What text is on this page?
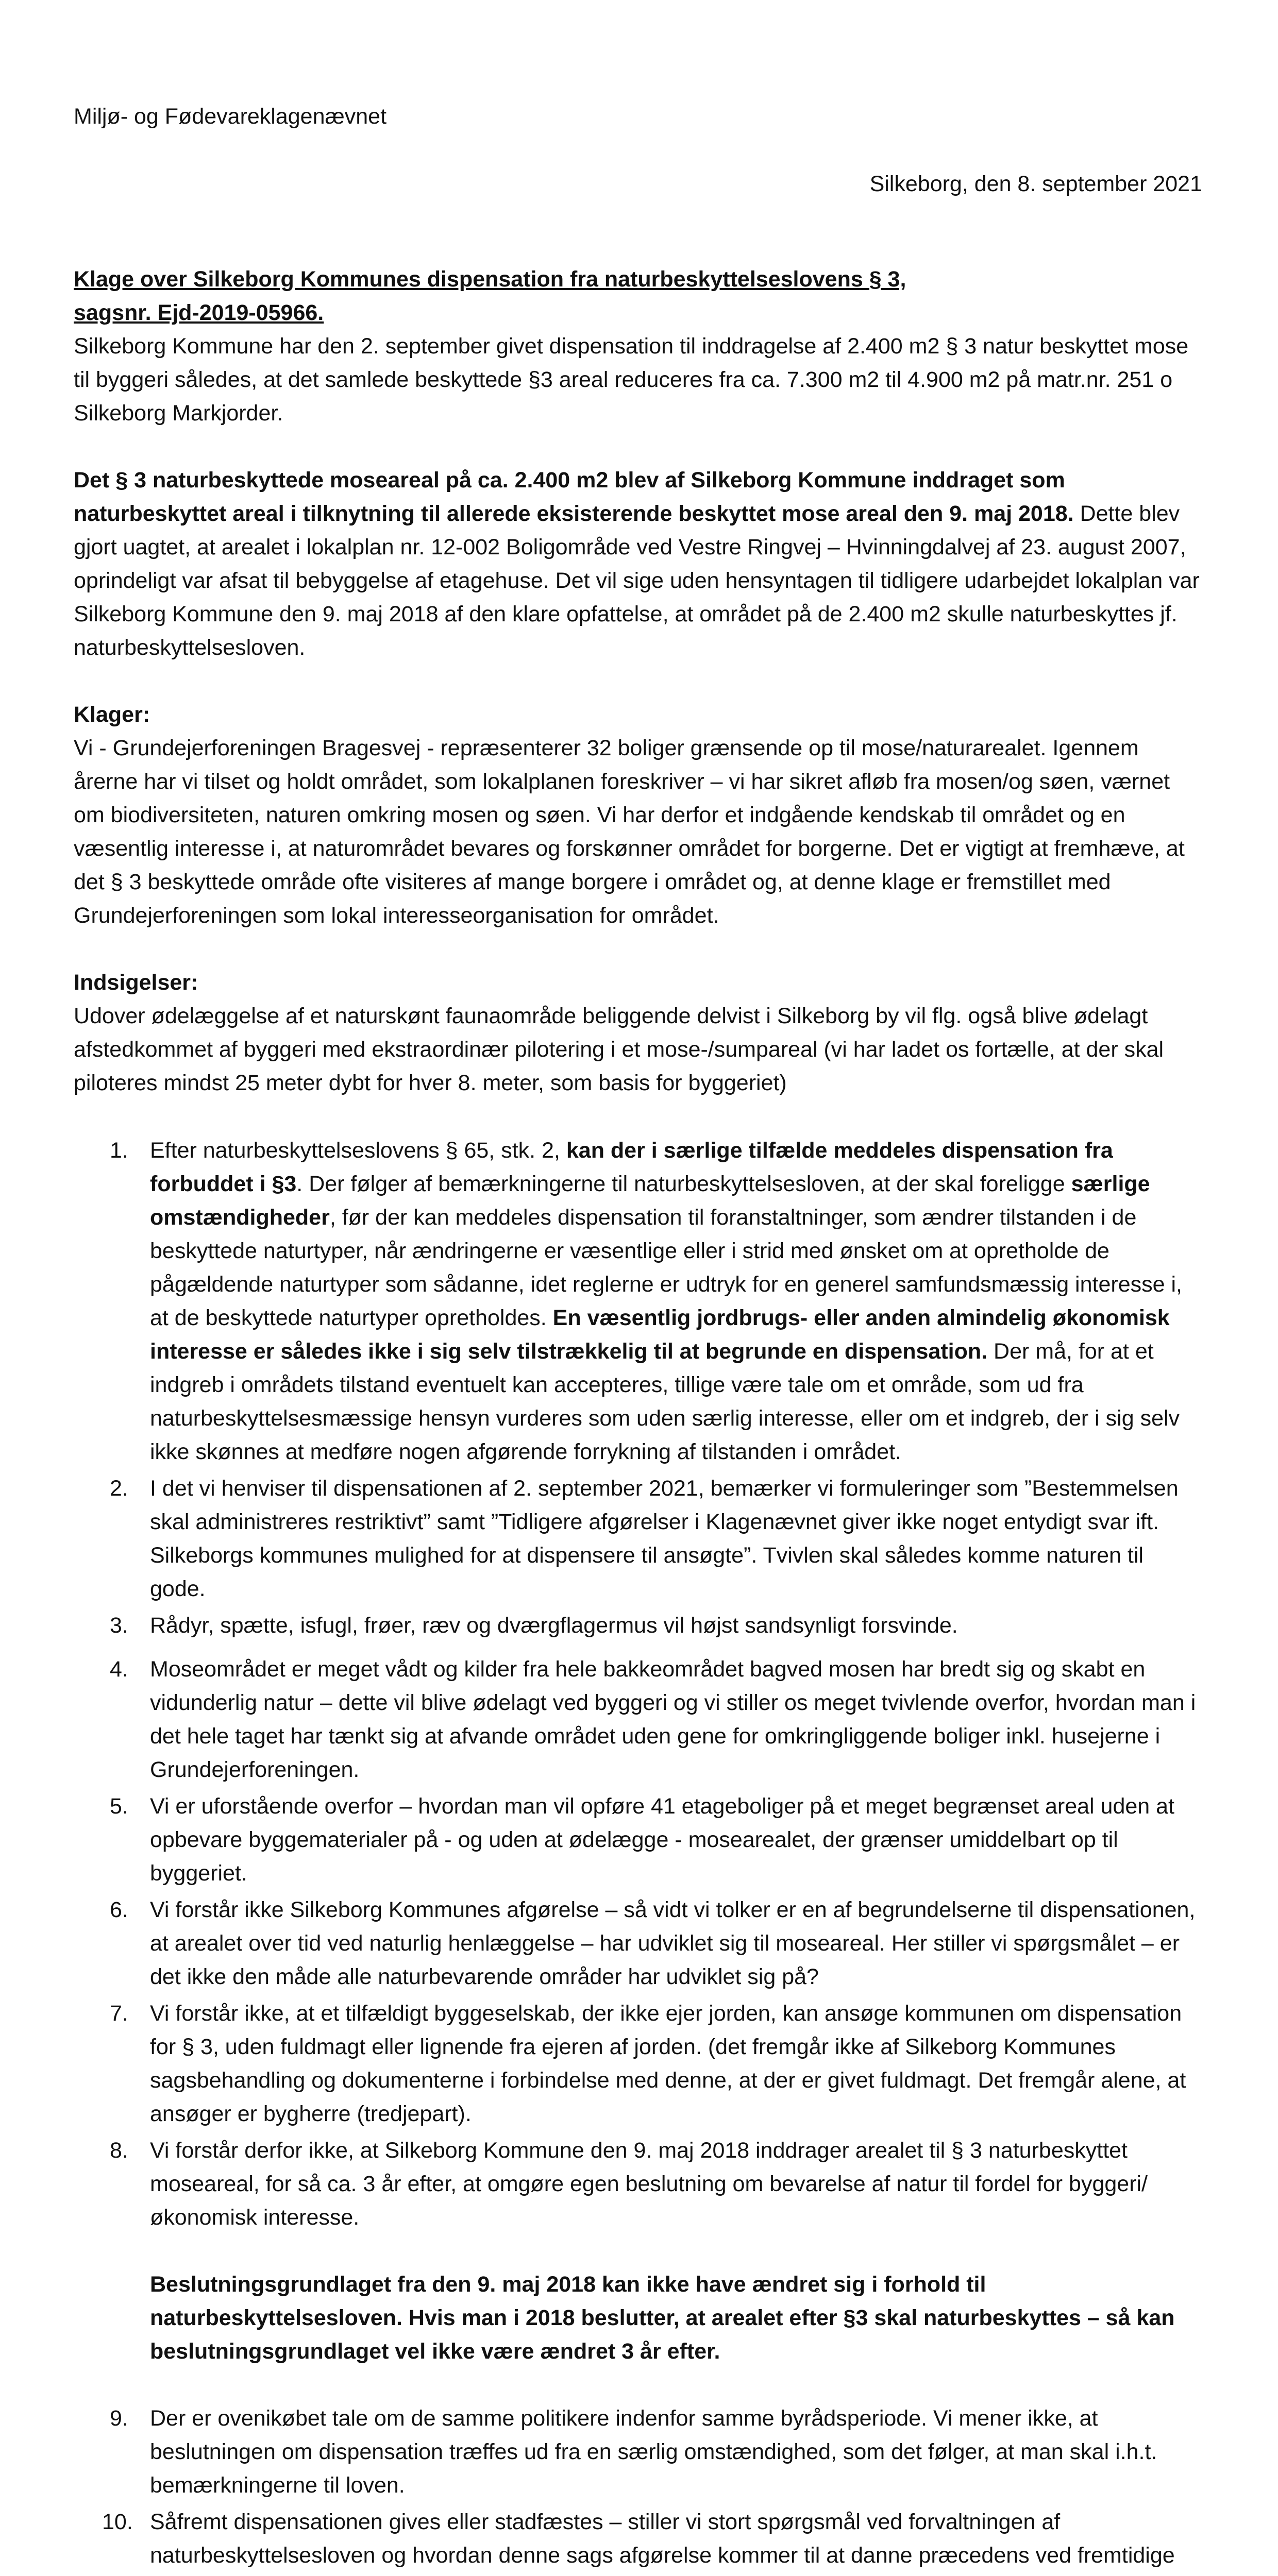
Miljø- og Fødevareklagenævnet

Silkeborg, den 8. september 2021

Klage over Silkeborg Kommunes dispensation fra naturbeskyttelseslovens § 3,
sagsnr. Ejd-2019-05966.

Silkeborg Kommune har den 2. september givet dispensation til inddragelse af 2.400 m2 § 3 natur beskyttet mose til byggeri således, at det samlede beskyttede §3 areal reduceres fra ca. 7.300 m2 til 4.900 m2 på matr.nr. 251 o Silkeborg Markjorder.

Det § 3 naturbeskyttede moseareal på ca. 2.400 m2 blev af Silkeborg Kommune inddraget som naturbeskyttet areal i tilknytning til allerede eksisterende beskyttet mose areal den 9. maj 2018. Dette blev gjort uagtet, at arealet i lokalplan nr. 12-002 Boligområde ved Vestre Ringvej – Hvinningdalvej af 23. august 2007, oprindeligt var afsat til bebyggelse af etagehuse. Det vil sige uden hensyntagen til tidligere udarbejdet lokalplan var Silkeborg Kommune den 9. maj 2018 af den klare opfattelse, at området på de 2.400 m2 skulle naturbeskyttes jf. naturbeskyttelsesloven.

Klager:

Vi - Grundejerforeningen Bragesvej - repræsenterer 32 boliger grænsende op til mose/naturarealet. Igennem årerne har vi tilset og holdt området, som lokalplanen foreskriver – vi har sikret afløb fra mosen/og søen, værnet om biodiversiteten, naturen omkring mosen og søen. Vi har derfor et indgående kendskab til området og en væsentlig interesse i, at naturområdet bevares og forskønner området for borgerne. Det er vigtigt at fremhæve, at det § 3 beskyttede område ofte visiteres af mange borgere i området og, at denne klage er fremstillet med Grundejerforeningen som lokal interesseorganisation for området.

Indsigelser:

Udover ødelæggelse af et naturskønt faunaområde beliggende delvist i Silkeborg by vil flg. også blive ødelagt afstedkommet af byggeri med ekstraordinær pilotering i et mose-/sumpareal (vi har ladet os fortælle, at der skal piloteres mindst 25 meter dybt for hver 8. meter, som basis for byggeriet)

1. Efter naturbeskyttelseslovens § 65, stk. 2, kan der i særlige tilfælde meddeles dispensation fra forbuddet i §3. Der følger af bemærkningerne til naturbeskyttelsesloven, at der skal foreligge særlige omstændigheder, før der kan meddeles dispensation til foranstaltninger, som ændrer tilstanden i de beskyttede naturtyper, når ændringerne er væsentlige eller i strid med ønsket om at opretholde de pågældende naturtyper som sådanne, idet reglerne er udtryk for en generel samfundsmæssig interesse i, at de beskyttede naturtyper opretholdes. En væsentlig jordbrugs- eller anden almindelig økonomisk interesse er således ikke i sig selv tilstrækkelig til at begrunde en dispensation. Der må, for at et indgreb i områdets tilstand eventuelt kan accepteres, tillige være tale om et område, som ud fra naturbeskyttelsesmæssige hensyn vurderes som uden særlig interesse, eller om et indgreb, der i sig selv ikke skønnes at medføre nogen afgørende forrykning af tilstanden i området.
2. I det vi henviser til dispensationen af 2. september 2021, bemærker vi formuleringer som ”Bestemmelsen skal administreres restriktivt” samt ”Tidligere afgørelser i Klagenævnet giver ikke noget entydigt svar ift. Silkeborgs kommunes mulighed for at dispensere til ansøgte”. Tvivlen skal således komme naturen til gode.
3. Rådyr, spætte, isfugl, frøer, ræv og dværgflagermus vil højst sandsynligt forsvinde.
4. Moseområdet er meget vådt og kilder fra hele bakkeområdet bagved mosen har bredt sig og skabt en vidunderlig natur – dette vil blive ødelagt ved byggeri og vi stiller os meget tvivlende overfor, hvordan man i det hele taget har tænkt sig at afvande området uden gene for omkringliggende boliger inkl. husejerne i Grundejerforeningen.
5. Vi er uforstående overfor – hvordan man vil opføre 41 etageboliger på et meget begrænset areal uden at opbevare byggematerialer på - og uden at ødelægge - mosearealet, der grænser umiddelbart op til byggeriet.
6. Vi forstår ikke Silkeborg Kommunes afgørelse – så vidt vi tolker er en af begrundelserne til dispensationen, at arealet over tid ved naturlig henlæggelse – har udviklet sig til moseareal. Her stiller vi spørgsmålet – er det ikke den måde alle naturbevarende områder har udviklet sig på?
7. Vi forstår ikke, at et tilfældigt byggeselskab, der ikke ejer jorden, kan ansøge kommunen om dispensation for § 3, uden fuldmagt eller lignende fra ejeren af jorden. (det fremgår ikke af Silkeborg Kommunes sagsbehandling og dokumenterne i forbindelse med denne, at der er givet fuldmagt. Det fremgår alene, at ansøger er bygherre (tredjepart).
8. Vi forstår derfor ikke, at Silkeborg Kommune den 9. maj 2018 inddrager arealet til § 3 naturbeskyttet moseareal, for så ca. 3 år efter, at omgøre egen beslutning om bevarelse af natur til fordel for byggeri/økonomisk interesse.

Beslutningsgrundlaget fra den 9. maj 2018 kan ikke have ændret sig i forhold til naturbeskyttelsesloven. Hvis man i 2018 beslutter, at arealet efter §3 skal naturbeskyttes – så kan beslutningsgrundlaget vel ikke være ændret 3 år efter.

9. Der er ovenikøbet tale om de samme politikere indenfor samme byrådsperiode. Vi mener ikke, at beslutningen om dispensation træffes ud fra en særlig omstændighed, som det følger, at man skal i.h.t. bemærkningerne til loven.
10. Såfremt dispensationen gives eller stadfæstes – stiller vi stort spørgsmål ved forvaltningen af naturbeskyttelsesloven og hvordan denne sags afgørelse kommer til at danne præcedens ved fremtidige
